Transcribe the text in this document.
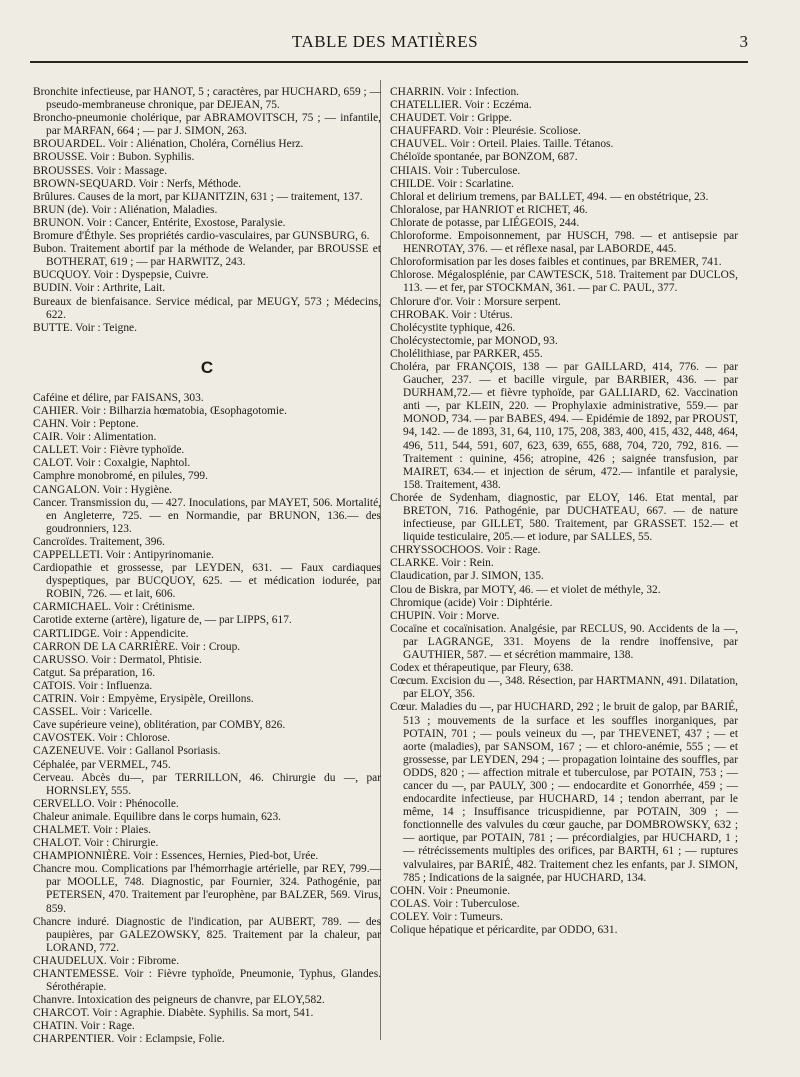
TABLE DES MATIÈRES	3

Bronchite infectieuse, par HANOT, 5 ; caractères, par HUCHARD, 659 ; — pseudo-membraneuse chronique, par DEJEAN, 75.

Broncho-pneumonie cholérique, par ABRAMOVITSCH, 75 ; — infantile, par MARFAN, 664 ; — par J. SIMON, 263.

BROUARDEL. Voir : Aliénation, Choléra, Cornélius Herz.

BROUSSE. Voir : Bubon. Syphilis.

BROUSSES. Voir : Massage.

BROWN-SEQUARD. Voir : Nerfs, Méthode.

Brûlures. Causes de la mort, par KIJANITZIN, 631 ; — traitement, 137.

BRUN (de). Voir : Aliénation, Maladies.

BRUNON. Voir : Cancer, Entérite, Exostose, Paralysie.

Bromure d'Éthyle. Ses propriétés cardio-vasculaires, par GUNSBURG, 6.

Bubon. Traitement abortif par la méthode de Welander, par BROUSSE et BOTHERAT, 619 ; — par HARWITZ, 243.

BUCQUOY. Voir : Dyspepsie, Cuivre.

BUDIN. Voir : Arthrite, Lait.

Bureaux de bienfaisance. Service médical, par MEUGY, 573 ; Médecins, 622.

BUTTE. Voir : Teigne.

C

Caféine et délire, par FAISANS, 303.

CAHIER. Voir : Bilharzia hœmatobia, Œsophagotomie.

CAHN. Voir : Peptone.

CAIR. Voir : Alimentation.

CALLET. Voir : Fièvre typhoïde.

CALOT. Voir : Coxalgie, Naphtol.

Camphre monobromé, en pilules, 799.

CANGALON. Voir : Hygiène.

Cancer. Transmission du, — 427. Inoculations, par MAYET, 506. Mortalité, en Angleterre, 725. — en Normandie, par BRUNON, 136.— des goudronniers, 123.

Cancroïdes. Traitement, 396.

CAPPELLETI. Voir : Antipyrinomanie.

Cardiopathie et grossesse, par LEYDEN, 631. — Faux cardiaques dyspeptiques, par BUCQUOY, 625. — et médication iodurée, par ROBIN, 726. — et lait, 606.

CARMICHAEL. Voir : Crétinisme.

Carotide externe (artère), ligature de, — par LIPPS, 617.

CARTLIDGE. Voir : Appendicite.

CARRON DE LA CARRIÈRE. Voir : Croup.

CARUSSO. Voir : Dermatol, Phtisie.

Catgut. Sa préparation, 16.

CATOIS. Voir : Influenza.

CATRIN. Voir : Empyème, Erysipèle, Oreillons.

CASSEL. Voir : Varicelle.

Cave supérieure veine), oblitération, par COMBY, 826.

CAVOSTEK. Voir : Chlorose.

CAZENEUVE. Voir : Gallanol Psoriasis.

Céphalée, par VERMEL, 745.

Cerveau. Abcès du—, par TERRILLON, 46. Chirurgie du —, par HORNSLEY, 555.

CERVELLO. Voir : Phénocolle.

Chaleur animale. Equilibre dans le corps humain, 623.

CHALMET. Voir : Plaies.

CHALOT. Voir : Chirurgie.

CHAMPIONNIÈRE. Voir : Essences, Hernies, Pied-bot, Urée.

Chancre mou. Complications par l'hémorrhagie artérielle, par REY, 799.— par MOOLLE, 748. Diagnostic, par Fournier, 324. Pathogénie, par PETERSEN, 470. Traitement par l'europhène, par BALZER, 569. Virus, 859.

Chancre induré. Diagnostic de l'indication, par AUBERT, 789. — des paupières, par GALEZOWSKY, 825. Traitement par la chaleur, par LORAND, 772.

CHAUDELUX. Voir : Fibrome.

CHANTEMESSE. Voir : Fièvre typhoïde, Pneumonie, Typhus, Glandes. Sérothérapie.

Chanvre. Intoxication des peigneurs de chanvre, par ELOY,582.

CHARCOT. Voir : Agraphie. Diabète. Syphilis. Sa mort, 541.

CHATIN. Voir : Rage.

CHARPENTIER. Voir : Eclampsie, Folie.

CHARRIN. Voir : Infection.

CHATELLIER. Voir : Eczéma.

CHAUDET. Voir : Grippe.

CHAUFFARD. Voir : Pleurésie. Scoliose.

CHAUVEL. Voir : Orteil. Plaies. Taille. Tétanos.

Chéloïde spontanée, par BONZOM, 687.

CHIAIS. Voir : Tuberculose.

CHILDE. Voir : Scarlatine.

Chloral et delirium tremens, par BALLET, 494. — en obstétrique, 23.

Chloralose, par HANRIOT et RICHET, 46.

Chlorate de potasse, par LIÉGEOIS, 244.

Chloroforme. Empoisonnement, par HUSCH, 798. — et antisepsie par HENROTAY, 376. — et réflexe nasal, par LABORDE, 445.

Chloroformisation par les doses faibles et continues, par BREMER, 741.

Chlorose. Mégalosplénie, par CAWTESCK, 518. Traitement par DUCLOS, 113. — et fer, par STOCKMAN, 361. — par C. PAUL, 377.

Chlorure d'or. Voir : Morsure serpent.

CHROBAK. Voir : Utérus.

Cholécystite typhique, 426.

Cholécystectomie, par MONOD, 93.

Cholélithiase, par PARKER, 455.

Choléra, par FRANÇOIS, 138 — par GAILLARD, 414, 776. — par Gaucher, 237. — et bacille virgule, par BARBIER, 436. — par DURHAM,72.— et fièvre typhoïde, par GALLIARD, 62. Vaccination anti —, par KLEIN, 220. — Prophylaxie administrative, 559.— par MONOD, 734. — par BABES, 494. — Epidémie de 1892, par PROUST, 94, 142. — de 1893, 31, 64, 110, 175, 208, 383, 400, 415, 432, 448, 464, 496, 511, 544, 591, 607, 623, 639, 655, 688, 704, 720, 792, 816. — Traitement : quinine, 456; atropine, 426 ; saignée transfusion, par MAIRET, 634.— et injection de sérum, 472.— infantile et paralysie, 158. Traitement, 438.

Chorée de Sydenham, diagnostic, par ELOY, 146. Etat mental, par BRETON, 716. Pathogénie, par DUCHATEAU, 667. — de nature infectieuse, par GILLET, 580. Traitement, par GRASSET. 152.— et liquide testiculaire, 205.— et iodure, par SALLES, 55.

CHRYSSOCHOOS. Voir : Rage.

CLARKE. Voir : Rein.

Claudication, par J. SIMON, 135.

Clou de Biskra, par MOTY, 46. — et violet de méthyle, 32.

Chromique (acide) Voir : Diphtérie.

CHUPIN. Voir : Morve.

Cocaïne et cocaïnisation. Analgésie, par RECLUS, 90. Accidents de la —, par LAGRANGE, 331. Moyens de la rendre inoffensive, par GAUTHIER, 587. — et sécrétion mammaire, 138.

Codex et thérapeutique, par Fleury, 638.

Cœcum. Excision du —, 348. Résection, par HARTMANN, 491. Dilatation, par ELOY, 356.

Cœur. Maladies du —, par HUCHARD, 292 ; le bruit de galop, par BARIÉ, 513 ; mouvements de la surface et les souffles inorganiques, par POTAIN, 701 ; — pouls veineux du —, par THEVENET, 437 ; — et aorte (maladies), par SANSOM, 167 ; — et chloro-anémie, 555 ; — et grossesse, par LEYDEN, 294 ; — propagation lointaine des souffles, par ODDS, 820 ; — affection mitrale et tuberculose, par POTAIN, 753 ; — cancer du —, par PAULY, 300 ; — endocardite et Gonorrhée, 459 ; — endocardite infectieuse, par HUCHARD, 14 ; tendon aberrant, par le même, 14 ; Insuffisance tricuspidienne, par POTAIN, 309 ; — fonctionnelle des valvules du cœur gauche, par DOMBROWSKY, 632 ; — aortique, par POTAIN, 781 ; — précordialgies, par HUCHARD, 1 ; — rétrécissements multiples des orifices, par BARTH, 61 ; — ruptures valvulaires, par BARIÉ, 482. Traitement chez les enfants, par J. SIMON, 785 ; Indications de la saignée, par HUCHARD, 134.

COHN. Voir : Pneumonie.

COLAS. Voir : Tuberculose.

COLEY. Voir : Tumeurs.

Colique hépatique et péricardite, par ODDO, 631.
